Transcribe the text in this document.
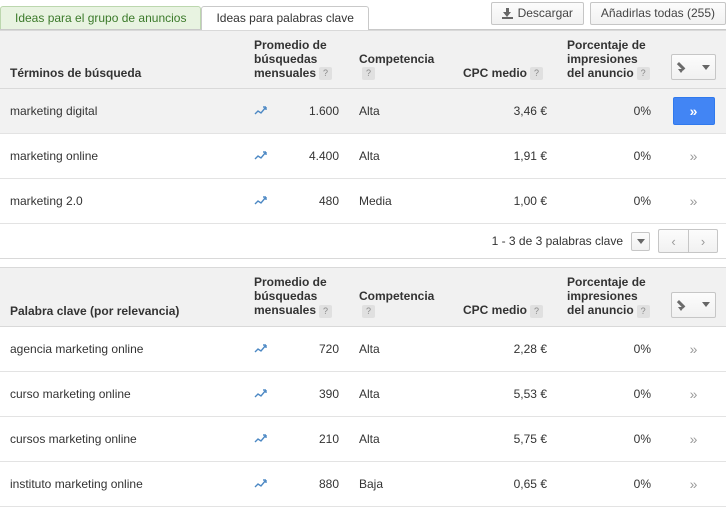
Ideas para el grupo de anuncios	Ideas para palabras clave	Descargar Añadirlas todas (255)
Términos de búsqueda	Promedio de búsquedas mensuales ?	Competencia?	CPC medio ?	Porcentaje de impresiones del anuncio ?	

marketing digital	1.600	Alta	3,46 €	0%	»

marketing online	4.400	Alta	1,91 €	0%	»

marketing 2.0	480	Media	1,00 €	0%	»
1 - 3 de 3 palabras clave	‹	›
Palabra clave (por relevancia)	Promedio de búsquedas mensuales ?	Competencia?	CPC medio ?	Porcentaje de impresiones del anuncio ?	

agencia marketing online	720	Alta	2,28 €	0%	»

curso marketing online	390	Alta	5,53 €	0%	»

cursos marketing online	210	Alta	5,75 €	0%	»

instituto marketing online	880	Baja	0,65 €	0%	»
